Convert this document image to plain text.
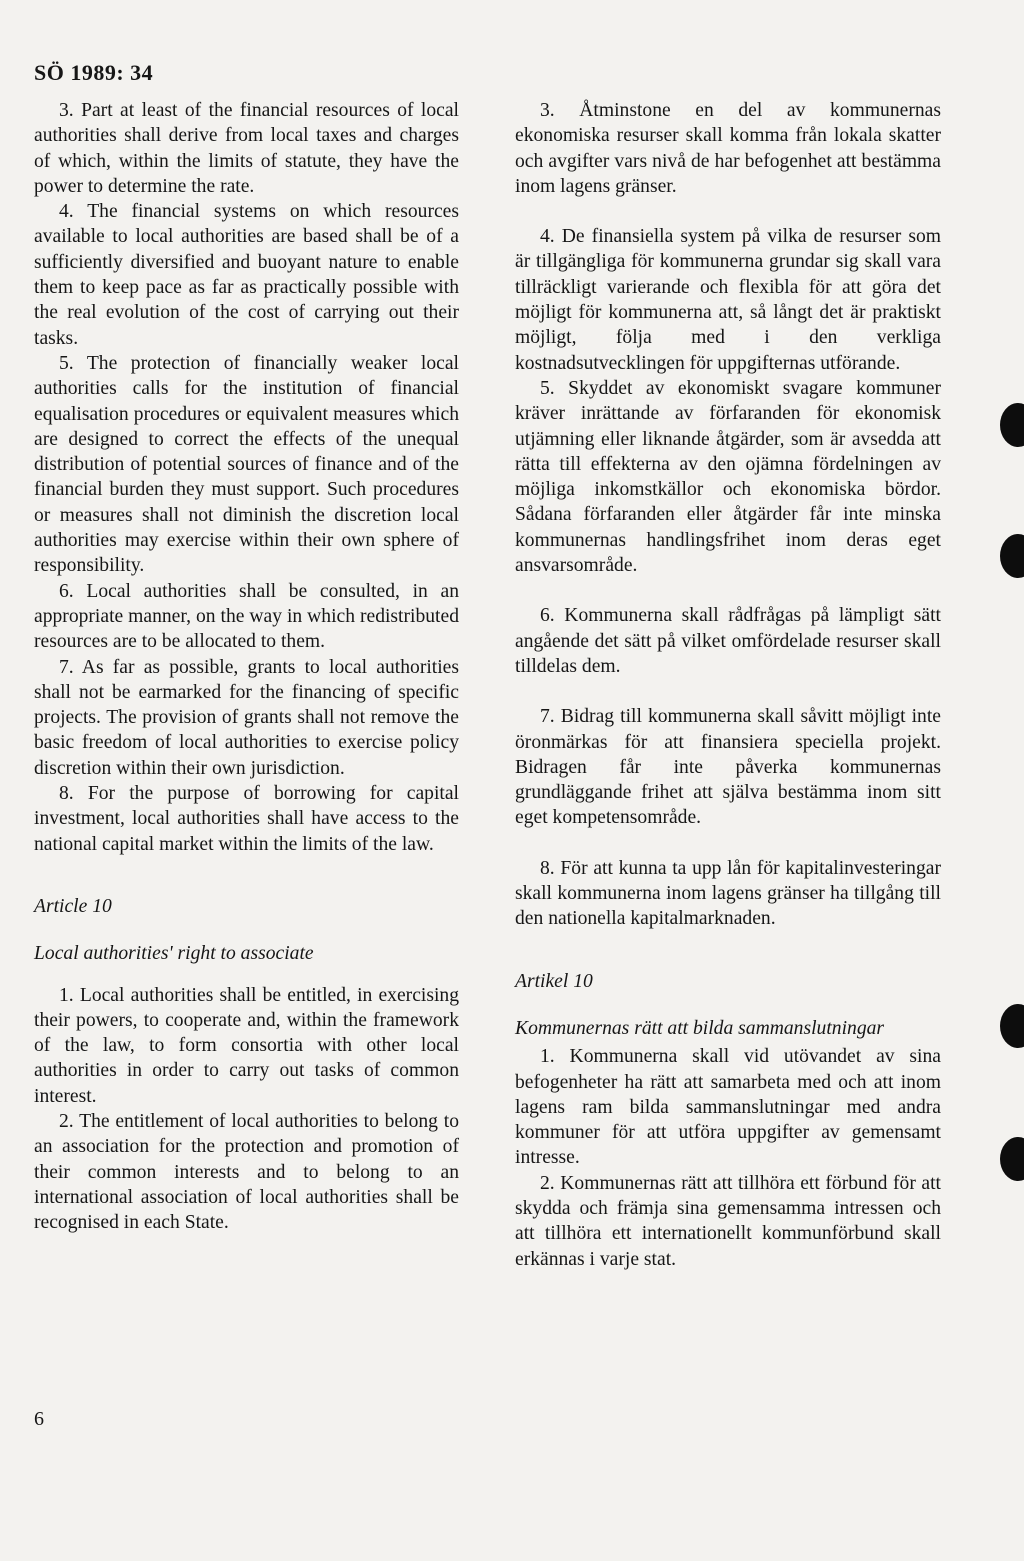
SÖ 1989: 34

3. Part at least of the financial resources of local authorities shall derive from local taxes and charges of which, within the limits of statute, they have the power to determine the rate.

4. The financial systems on which resources available to local authorities are based shall be of a sufficiently diversified and buoyant nature to enable them to keep pace as far as practically possible with the real evolution of the cost of carrying out their tasks.

5. The protection of financially weaker local authorities calls for the institution of financial equalisation procedures or equivalent measures which are designed to correct the effects of the unequal distribution of potential sources of finance and of the financial burden they must support. Such procedures or measures shall not diminish the discretion local authorities may exercise within their own sphere of responsibility.

6. Local authorities shall be consulted, in an appropriate manner, on the way in which redistributed resources are to be allocated to them.

7. As far as possible, grants to local authorities shall not be earmarked for the financing of specific projects. The provision of grants shall not remove the basic freedom of local authorities to exercise policy discretion within their own jurisdiction.

8. For the purpose of borrowing for capital investment, local authorities shall have access to the national capital market within the limits of the law.

Article 10

Local authorities' right to associate

1. Local authorities shall be entitled, in exercising their powers, to cooperate and, within the framework of the law, to form consortia with other local authorities in order to carry out tasks of common interest.

2. The entitlement of local authorities to belong to an association for the protection and promotion of their common interests and to belong to an international association of local authorities shall be recognised in each State.

3. Åtminstone en del av kommunernas ekonomiska resurser skall komma från lokala skatter och avgifter vars nivå de har befogenhet att bestämma inom lagens gränser.

4. De finansiella system på vilka de resurser som är tillgängliga för kommunerna grundar sig skall vara tillräckligt varierande och flexibla för att göra det möjligt för kommunerna att, så långt det är praktiskt möjligt, följa med i den verkliga kostnadsutvecklingen för uppgifternas utförande.

5. Skyddet av ekonomiskt svagare kommuner kräver inrättande av förfaranden för ekonomisk utjämning eller liknande åtgärder, som är avsedda att rätta till effekterna av den ojämna fördelningen av möjliga inkomstkällor och ekonomiska bördor. Sådana förfaranden eller åtgärder får inte minska kommunernas handlingsfrihet inom deras eget ansvarsområde.

6. Kommunerna skall rådfrågas på lämpligt sätt angående det sätt på vilket omfördelade resurser skall tilldelas dem.

7. Bidrag till kommunerna skall såvitt möjligt inte öronmärkas för att finansiera speciella projekt. Bidragen får inte påverka kommunernas grundläggande frihet att själva bestämma inom sitt eget kompetensområde.

8. För att kunna ta upp lån för kapitalinvesteringar skall kommunerna inom lagens gränser ha tillgång till den nationella kapitalmarknaden.

Artikel 10

Kommunernas rätt att bilda sammanslutningar

1. Kommunerna skall vid utövandet av sina befogenheter ha rätt att samarbeta med och att inom lagens ram bilda sammanslutningar med andra kommuner för att utföra uppgifter av gemensamt intresse.

2. Kommunernas rätt att tillhöra ett förbund för att skydda och främja sina gemensamma intressen och att tillhöra ett internationellt kommunförbund skall erkännas i varje stat.

6
